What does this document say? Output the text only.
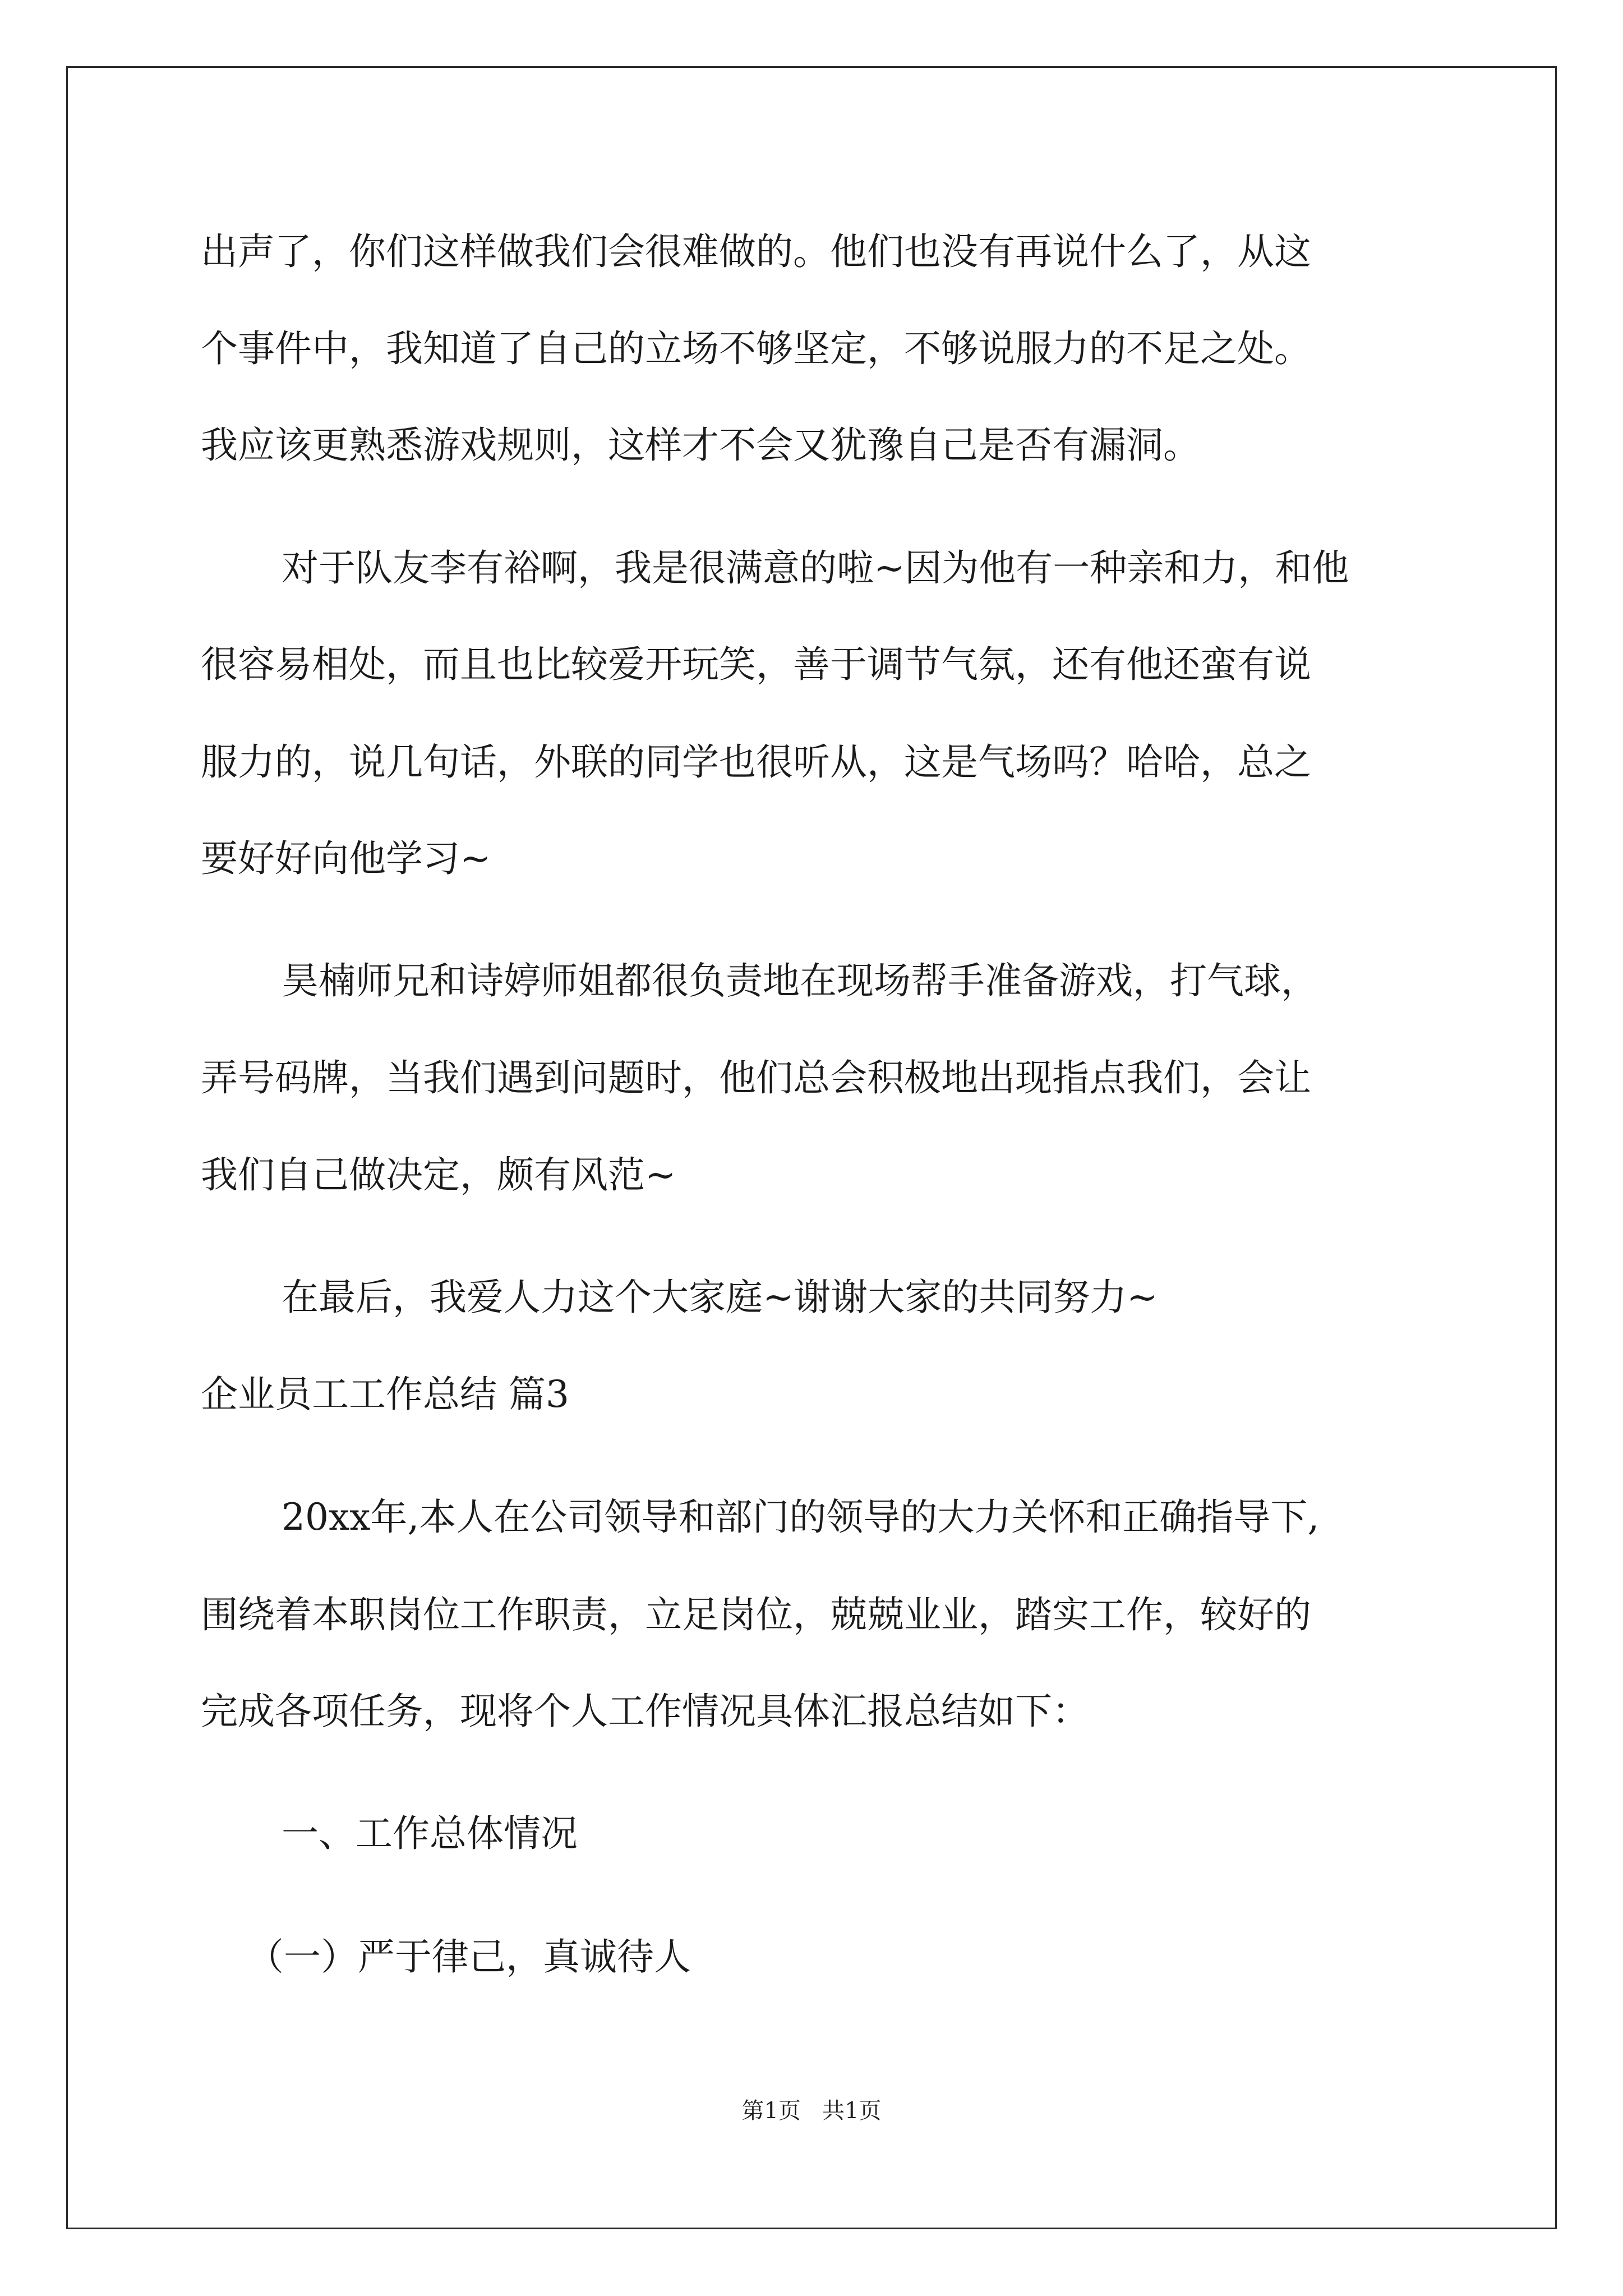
出声了，你们这样做我们会很难做的。他们也没有再说什么了，从这
个事件中，我知道了自己的立场不够坚定，不够说服力的不足之处。
我应该更熟悉游戏规则，这样才不会又犹豫自己是否有漏洞。
对于队友李有裕啊，我是很满意的啦~因为他有一种亲和力，和他
很容易相处，而且也比较爱开玩笑，善于调节气氛，还有他还蛮有说
服力的，说几句话，外联的同学也很听从，这是气场吗？哈哈，总之
要好好向他学习~
昊楠师兄和诗婷师姐都很负责地在现场帮手准备游戏，打气球，
弄号码牌，当我们遇到问题时，他们总会积极地出现指点我们，会让
我们自己做决定，颇有风范~
在最后，我爱人力这个大家庭~谢谢大家的共同努力~
企业员工工作总结 篇3
20xx年,本人在公司领导和部门的领导的大力关怀和正确指导下,
围绕着本职岗位工作职责，立足岗位，兢兢业业，踏实工作，较好的
完成各项任务，现将个人工作情况具体汇报总结如下：
一、工作总体情况
（一）严于律己，真诚待人
第1页   共1页
